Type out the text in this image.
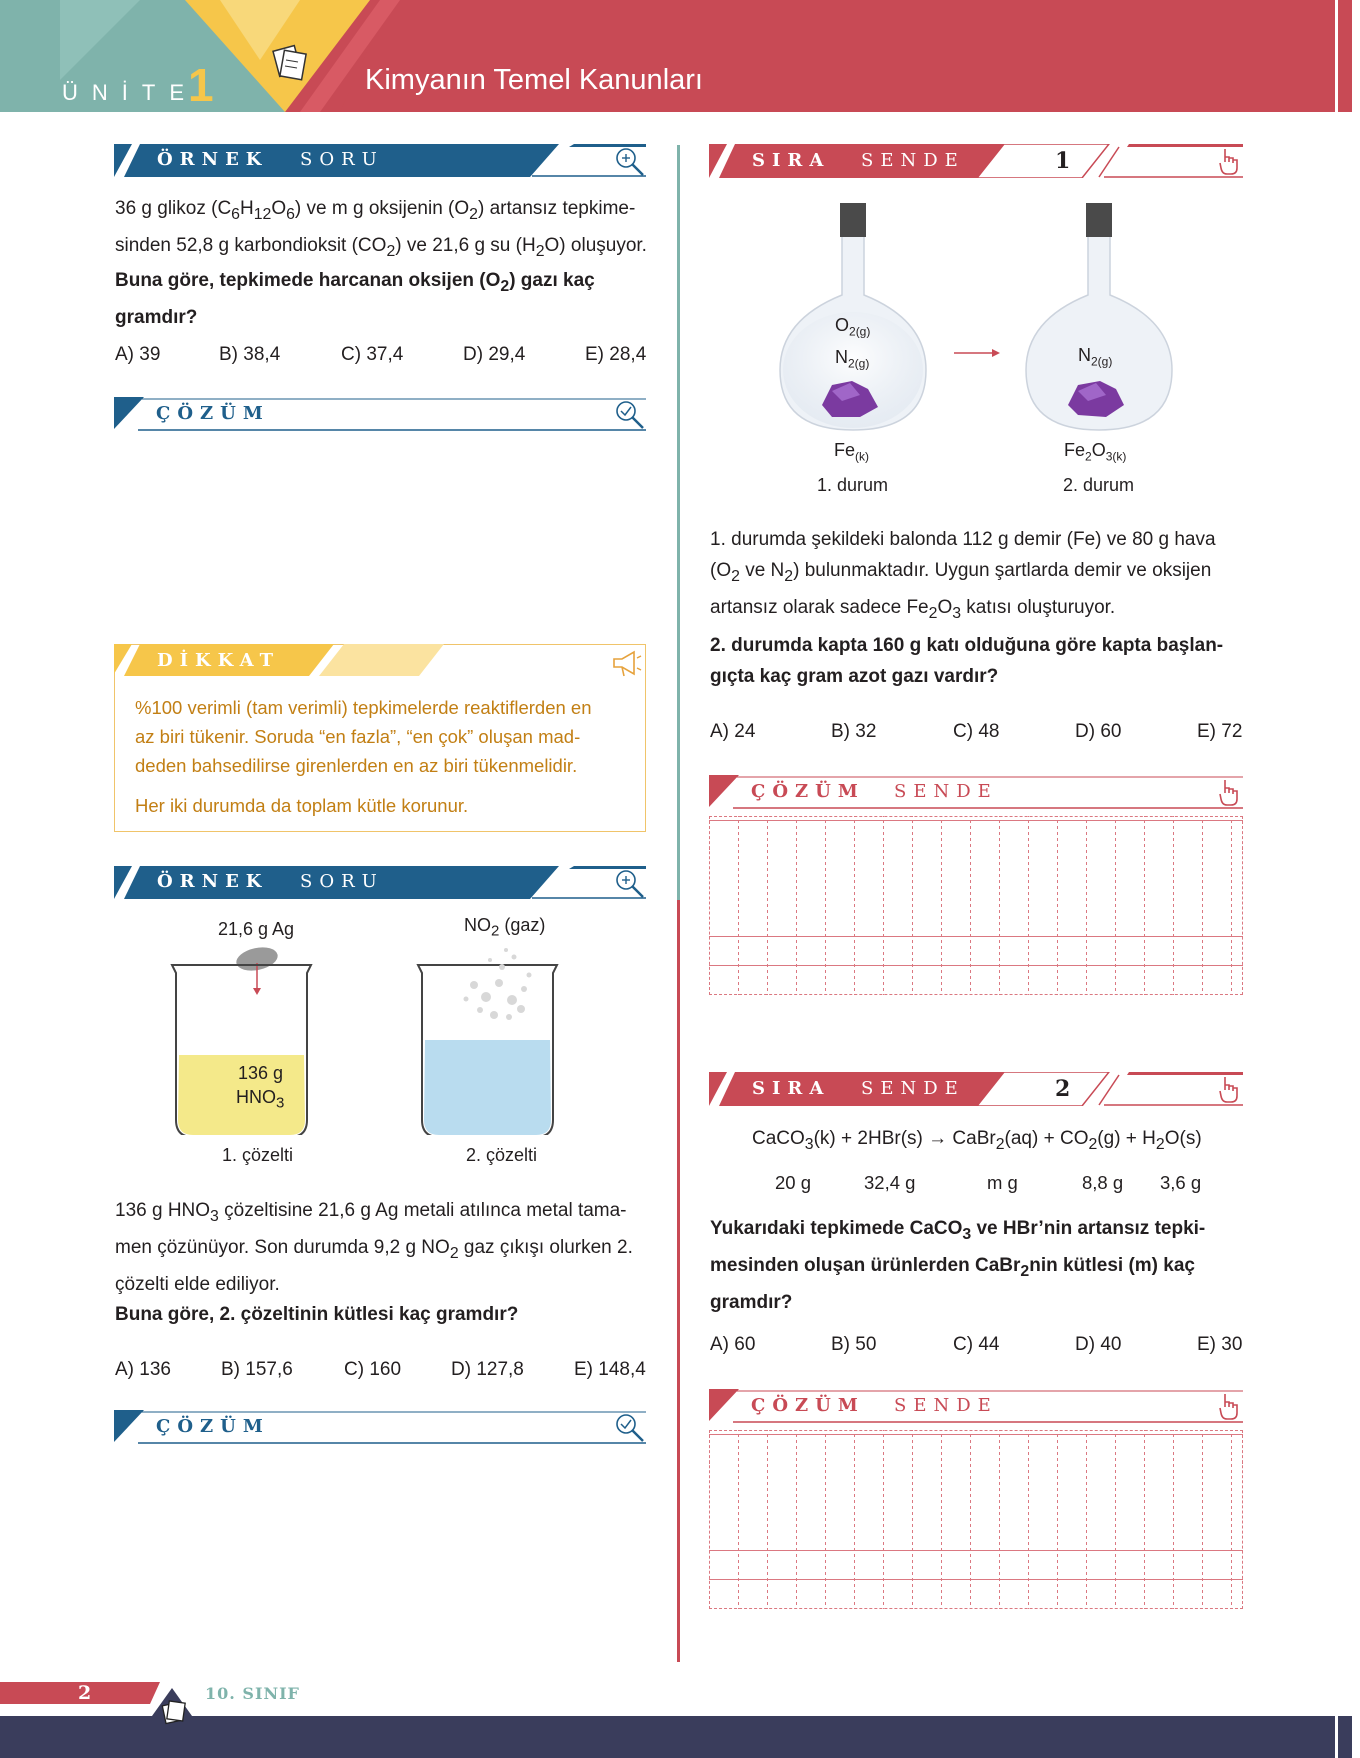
ÜNİTE
1	Kimyanın Temel Kanunları
ÖRNEK SORU
36 g glikoz $(C_6H_{12}O_6)$ ve m g oksijenin $(O_2)$ artansız tepkime-
sinden 52,8 g karbondioksit $(CO_2)$ ve 21,6 g su $(H_2O)$ oluşuyor.
Buna göre, tepkimede harcanan oksijen $(O_2)$ gazı kaç
gramdır?
A) 39	B) 38,4	C) 37,4	D) 29,4	E) 28,4
ÇÖZÜM
DİKKAT
%100 verimli (tam verimli) tepkimelerde reaktiflerden en
az biri tükenir. Soruda “en fazla”, “en çok” oluşan mad-
deden bahsedilirse girenlerden en az biri tükenmelidir.
Her iki durumda da toplam kütle korunur.
ÖRNEK SORU
21,6 g Ag	$NO_2$ (gaz)
136 g
$HNO_3$
1. çözelti	2. çözelti
136 g $HNO_3$ çözeltisine 21,6 g Ag metali atılınca metal tama-
men çözünüyor. Son durumda 9,2 g $NO_2$ gaz çıkışı olurken 2.
çözelti elde ediliyor.
Buna göre, 2. çözeltinin kütlesi kaç gramdır?
A) 136	B) 157,6	C) 160	D) 127,8	E) 148,4
ÇÖZÜM
SIRA SENDE	1
$O_{2(g)}$
$N_{2(g)}$	$N_{2(g)}$
$Fe_{(k)}$	$Fe_2O_{3(k)}$
1. durum	2. durum
1. durumda şekildeki balonda 112 g demir (Fe) ve 80 g hava
($O_2$ ve $N_2$) bulunmaktadır. Uygun şartlarda demir ve oksijen
artansız olarak sadece $Fe_2O_3$ katısı oluşturuyor.
2. durumda kapta 160 g katı olduğuna göre kapta başlan-
gıçta kaç gram azot gazı vardır?
A) 24	B) 32	C) 48	D) 60	E) 72
ÇÖZÜM SENDE
SIRA SENDE	2
CaCO$_3$(k) + 2HBr(s) → CaBr$_2$(aq) + $CO_2(g) + H_2O(s)$
20 g	32,4 g	m g	8,8 g 3,6 g
Yukarıdaki tepkimede CaCO$_3$ ve HBr’nin artansız tepki-
mesinden oluşan ürünlerden CaBr$_2$nin kütlesi (m) kaç
gramdır?
A) 60	B) 50	C) 44	D) 40	E) 30
ÇÖZÜM SENDE
2	10. SINIF
